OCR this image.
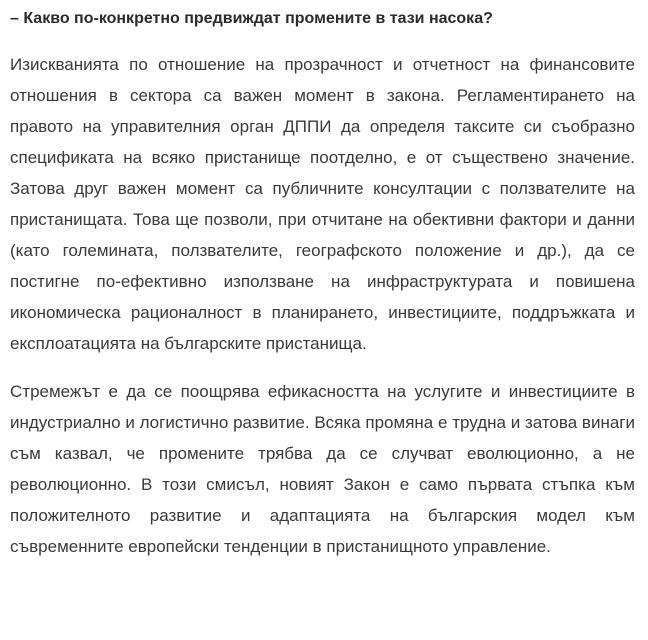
– Какво по-конкретно предвиждат промените в тази насока?

Изискванията по отношение на прозрачност и отчетност на финансовите отношения в сектора са важен момент в закона. Регламентирането на правото на управителния орган ДППИ да определя таксите си съобразно спецификата на всяко пристанище поотделно, е от съществено значение. Затова друг важен момент са публичните консултации с ползвателите на пристанищата. Това ще позволи, при отчитане на обективни фактори и данни (като големината, ползвателите, географското положение и др.), да се постигне по-ефективно използване на инфраструктурата и повишена икономическа рационалност в планирането, инвестициите, поддръжката и експлоатацията на българските пристанища.

Стремежът е да се поощрява ефикасността на услугите и инвестициите в индустриално и логистично развитие. Всяка промяна е трудна и затова винаги съм казвал, че промените трябва да се случват еволюционно, а не революционно. В този смисъл, новият Закон е само първата стъпка към положителното развитие и адаптацията на българския модел към съвременните европейски тенденции в пристанищното управление.
